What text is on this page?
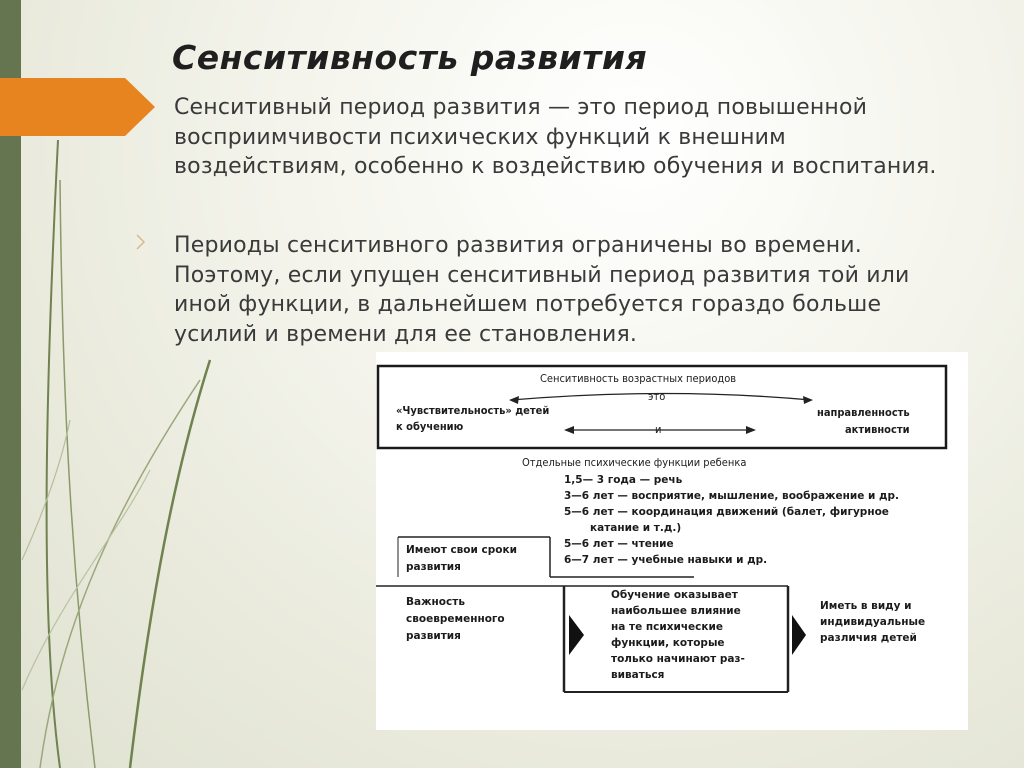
Сенситивность развития

Сенситивный период развития — это период повышенной восприимчивости психических функций к внешним воздействиям, особенно к воздействию обучения и воспитания.

Периоды сенситивного развития ограничены во времени. Поэтому, если упущен сенситивный период развития той или иной функции, в дальнейшем потребуется гораздо больше усилий и времени для ее становления.

Сенситивность возрастных периодов
это
«Чувствительность» детей
к обучению	и
направленность
активности
Отдельные психические функции ребенка
1,5— 3 года — речь
3—6 лет — восприятие, мышление, воображение и др.
5—6 лет — координация движений (балет, фигурное
катание и т.д.)
5—6 лет — чтение
6—7 лет — учебные навыки и др.
Имеют свои сроки
развития
Важность
своевременного
развития
Обучение оказывает
наибольшее влияние
на те психические
функции, которые
только начинают раз-
виваться
Иметь в виду и
индивидуальные
различия детей
